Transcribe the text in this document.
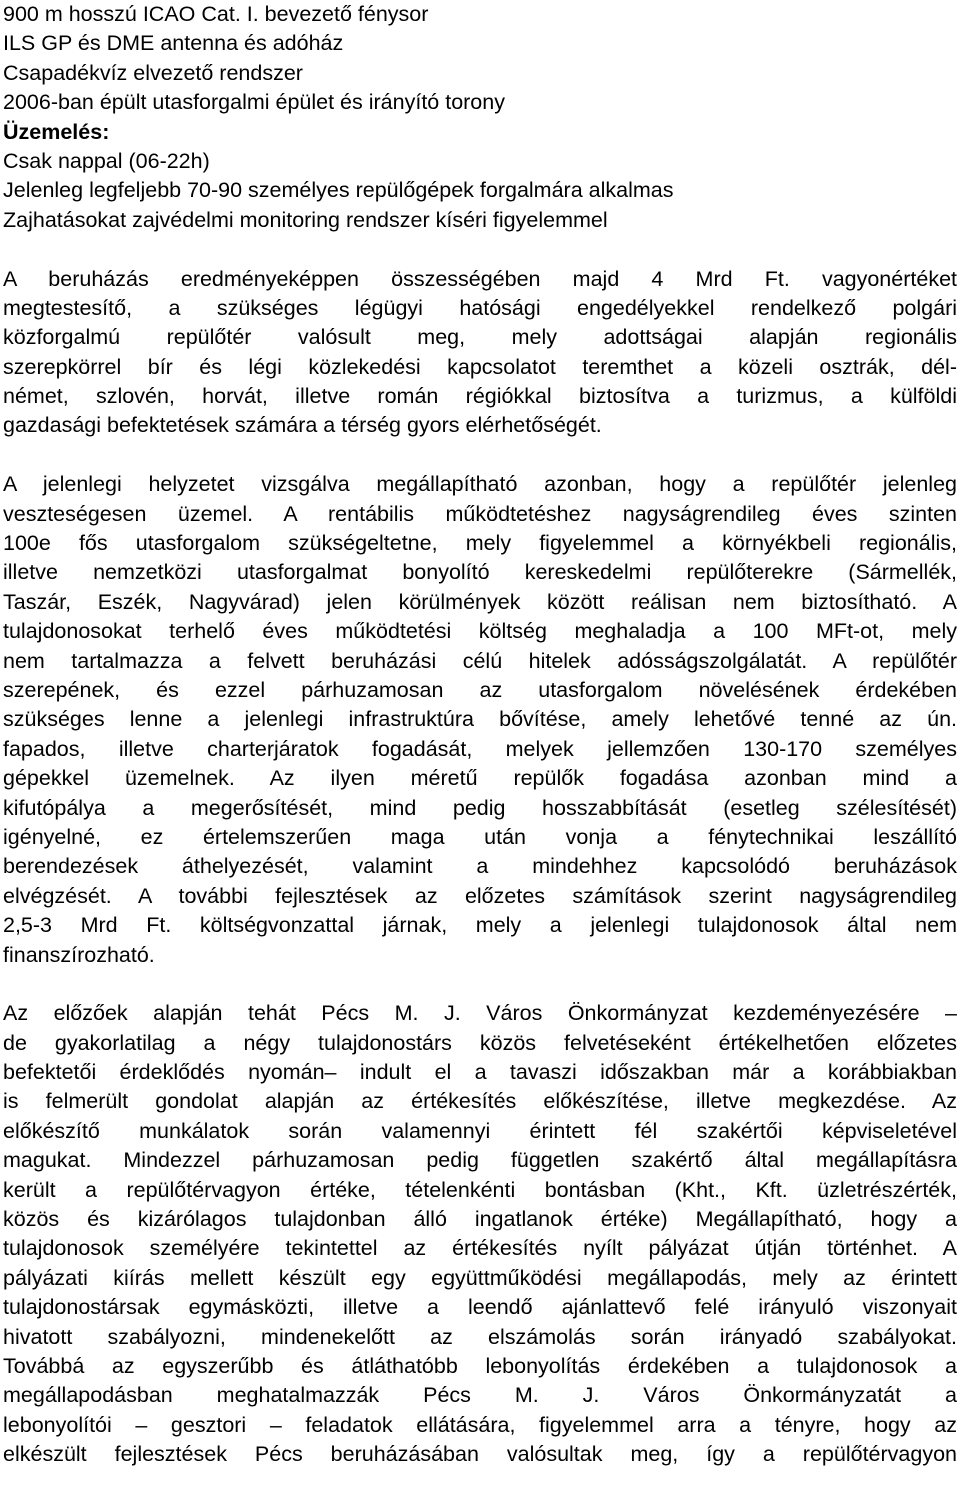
900 m hosszú ICAO Cat. I. bevezető fénysor
ILS GP és DME antenna és adóház
Csapadékvíz elvezető rendszer
2006-ban épült utasforgalmi épület és irányító torony
Üzemelés:
Csak nappal (06-22h)
Jelenleg legfeljebb 70-90 személyes repülőgépek forgalmára alkalmas
Zajhatásokat zajvédelmi monitoring rendszer kíséri figyelemmel
A beruházás eredményeképpen összességében majd 4 Mrd Ft. vagyonértéket
megtestesítő, a szükséges légügyi hatósági engedélyekkel rendelkező polgári
közforgalmú repülőtér valósult meg, mely adottságai alapján regionális
szerepkörrel bír és légi közlekedési kapcsolatot teremthet a közeli osztrák, dél-
német, szlovén, horvát, illetve román régiókkal biztosítva a turizmus, a külföldi
gazdasági befektetések számára a térség gyors elérhetőségét.
A jelenlegi helyzetet vizsgálva megállapítható azonban, hogy a repülőtér jelenleg
veszteségesen üzemel. A rentábilis működtetéshez nagyságrendileg éves szinten
100e fős utasforgalom szükségeltetne, mely figyelemmel a környékbeli regionális,
illetve nemzetközi utasforgalmat bonyolító kereskedelmi repülőterekre (Sármellék,
Taszár, Eszék, Nagyvárad) jelen körülmények között reálisan nem biztosítható. A
tulajdonosokat terhelő éves működtetési költség meghaladja a 100 MFt-ot, mely
nem tartalmazza a felvett beruházási célú hitelek adósságszolgálatát. A repülőtér
szerepének, és ezzel párhuzamosan az utasforgalom növelésének érdekében
szükséges lenne a jelenlegi infrastruktúra bővítése, amely lehetővé tenné az ún.
fapados, illetve charterjáratok fogadását, melyek jellemzően 130-170 személyes
gépekkel üzemelnek. Az ilyen méretű repülők fogadása azonban mind a
kifutópálya a megerősítését, mind pedig hosszabbítását (esetleg szélesítését)
igényelné, ez értelemszerűen maga után vonja a fénytechnikai leszállító
berendezések áthelyezését, valamint a mindehhez kapcsolódó beruházások
elvégzését. A további fejlesztések az előzetes számítások szerint nagyságrendileg
2,5-3 Mrd Ft. költségvonzattal járnak, mely a jelenlegi tulajdonosok által nem
finanszírozható.
Az előzőek alapján tehát Pécs M. J. Város Önkormányzat kezdeményezésére –
de gyakorlatilag a négy tulajdonostárs közös felvetéseként értékelhetően előzetes
befektetői érdeklődés nyomán– indult el a tavaszi időszakban már a korábbiakban
is felmerült gondolat alapján az értékesítés előkészítése, illetve megkezdése. Az
előkészítő munkálatok során valamennyi érintett fél szakértői képviseletével
magukat. Mindezzel párhuzamosan pedig független szakértő által megállapításra
került a repülőtérvagyon értéke, tételenkénti bontásban (Kht., Kft. üzletrészérték,
közös és kizárólagos tulajdonban álló ingatlanok értéke) Megállapítható, hogy a
tulajdonosok személyére tekintettel az értékesítés nyílt pályázat útján történhet. A
pályázati kiírás mellett készült egy együttműködési megállapodás, mely az érintett
tulajdonostársak egymásközti, illetve a leendő ajánlattevő felé irányuló viszonyait
hivatott szabályozni, mindenekelőtt az elszámolás során irányadó szabályokat.
Továbbá az egyszerűbb és átláthatóbb lebonyolítás érdekében a tulajdonosok a
megállapodásban meghatalmazzák Pécs M. J. Város Önkormányzatát a
lebonyolítói – gesztori – feladatok ellátására, figyelemmel arra a tényre, hogy az
elkészült fejlesztések Pécs beruházásában valósultak meg, így a repülőtérvagyon
